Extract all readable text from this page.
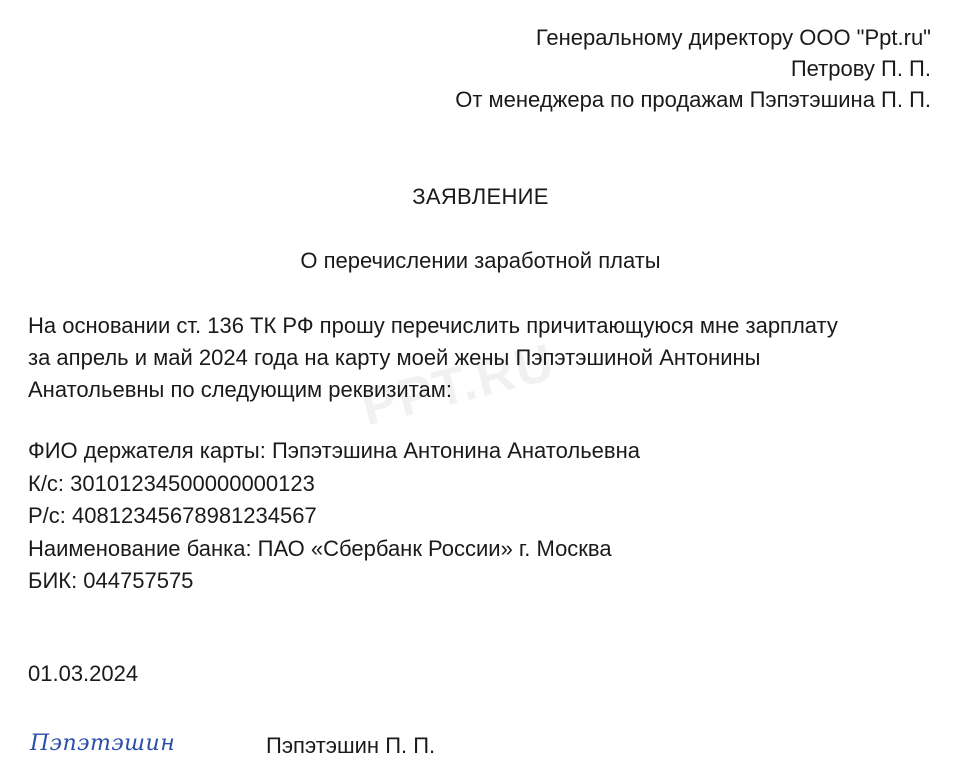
PPT.RU
Генеральному директору ООО "Ppt.ru"
Петрову П. П.
От менеджера по продажам Пэпэтэшина П. П.
ЗАЯВЛЕНИЕ
О перечислении заработной платы
На основании ст. 136 ТК РФ прошу перечислить причитающуюся мне зарплату
за апрель и май 2024 года на карту моей жены Пэпэтэшиной Антонины
Анатольевны по следующим реквизитам:
ФИО держателя карты: Пэпэтэшина Антонина Анатольевна
К/с: 30101234500000000123
Р/с: 40812345678981234567
Наименование банка: ПАО «Сбербанк России» г. Москва
БИК: 044757575
01.03.2024
Пэпэтэшин	Пэпэтэшин П. П.
